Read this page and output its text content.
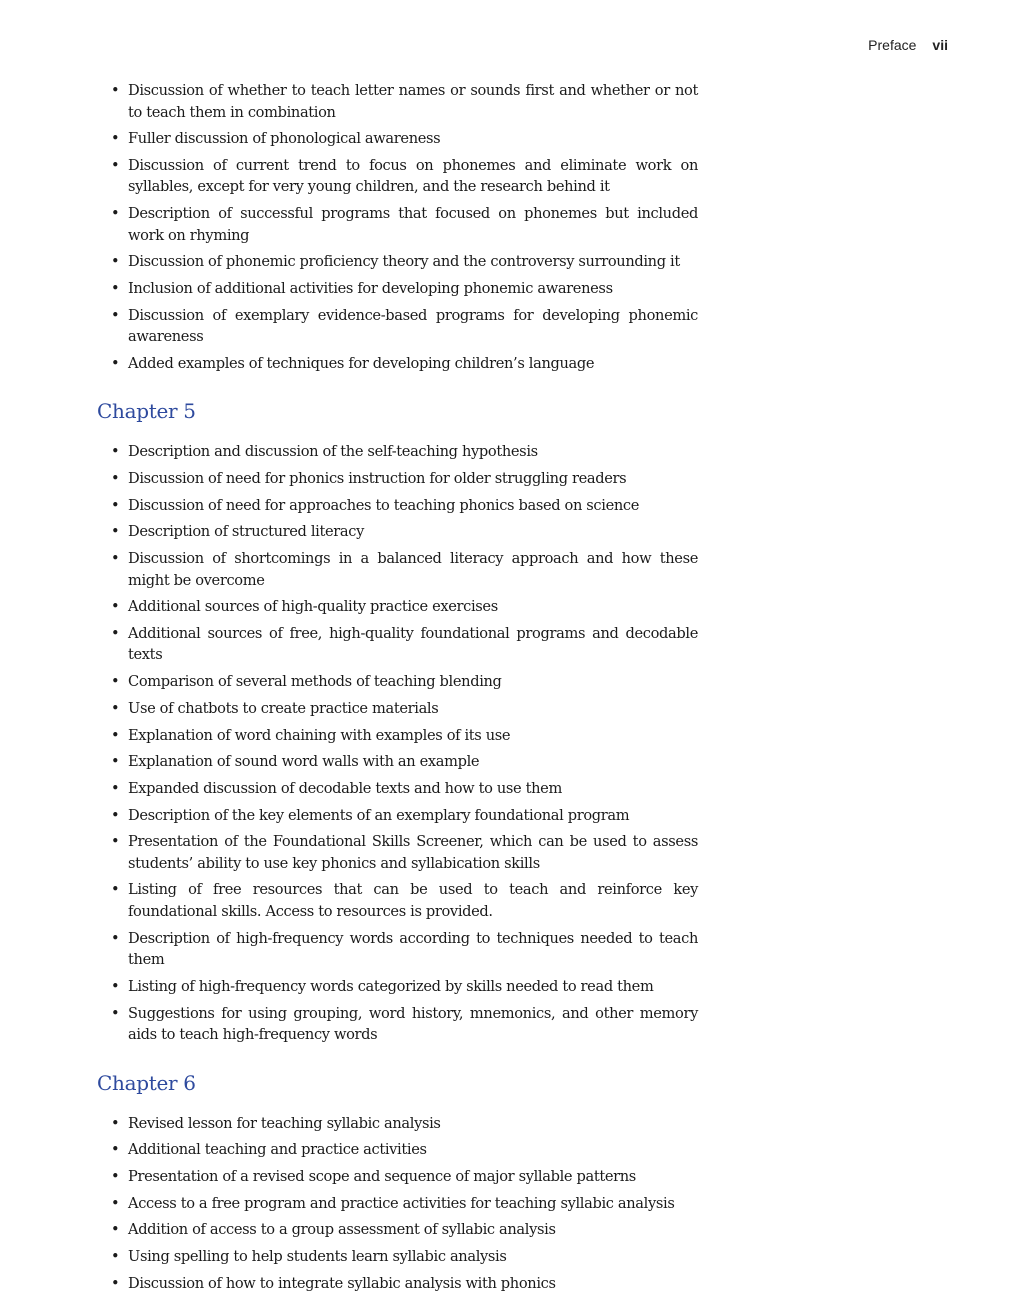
Preface vii
• Discussion of whether to teach letter names or sounds first and whether or not to teach them in combination
• Fuller discussion of phonological awareness
• Discussion of current trend to focus on phonemes and eliminate work on syllables, except for very young children, and the research behind it
• Description of successful programs that focused on phonemes but included work on rhyming
• Discussion of phonemic proficiency theory and the controversy surrounding it
• Inclusion of additional activities for developing phonemic awareness
• Discussion of exemplary evidence-based programs for developing phonemic awareness
• Added examples of techniques for developing children’s language
Chapter 5
• Description and discussion of the self-teaching hypothesis
• Discussion of need for phonics instruction for older struggling readers
• Discussion of need for approaches to teaching phonics based on science
• Description of structured literacy
• Discussion of shortcomings in a balanced literacy approach and how these might be overcome
• Additional sources of high-quality practice exercises
• Additional sources of free, high-quality foundational programs and decodable texts
• Comparison of several methods of teaching blending
• Use of chatbots to create practice materials
• Explanation of word chaining with examples of its use
• Explanation of sound word walls with an example
• Expanded discussion of decodable texts and how to use them
• Description of the key elements of an exemplary foundational program
• Presentation of the Foundational Skills Screener, which can be used to assess students’ ability to use key phonics and syllabication skills
• Listing of free resources that can be used to teach and reinforce key foundational skills. Access to resources is provided.
• Description of high-frequency words according to techniques needed to teach them
• Listing of high-frequency words categorized by skills needed to read them
• Suggestions for using grouping, word history, mnemonics, and other memory aids to teach high-frequency words
Chapter 6
• Revised lesson for teaching syllabic analysis
• Additional teaching and practice activities
• Presentation of a revised scope and sequence of major syllable patterns
• Access to a free program and practice activities for teaching syllabic analysis
• Addition of access to a group assessment of syllabic analysis
• Using spelling to help students learn syllabic analysis
• Discussion of how to integrate syllabic analysis with phonics
